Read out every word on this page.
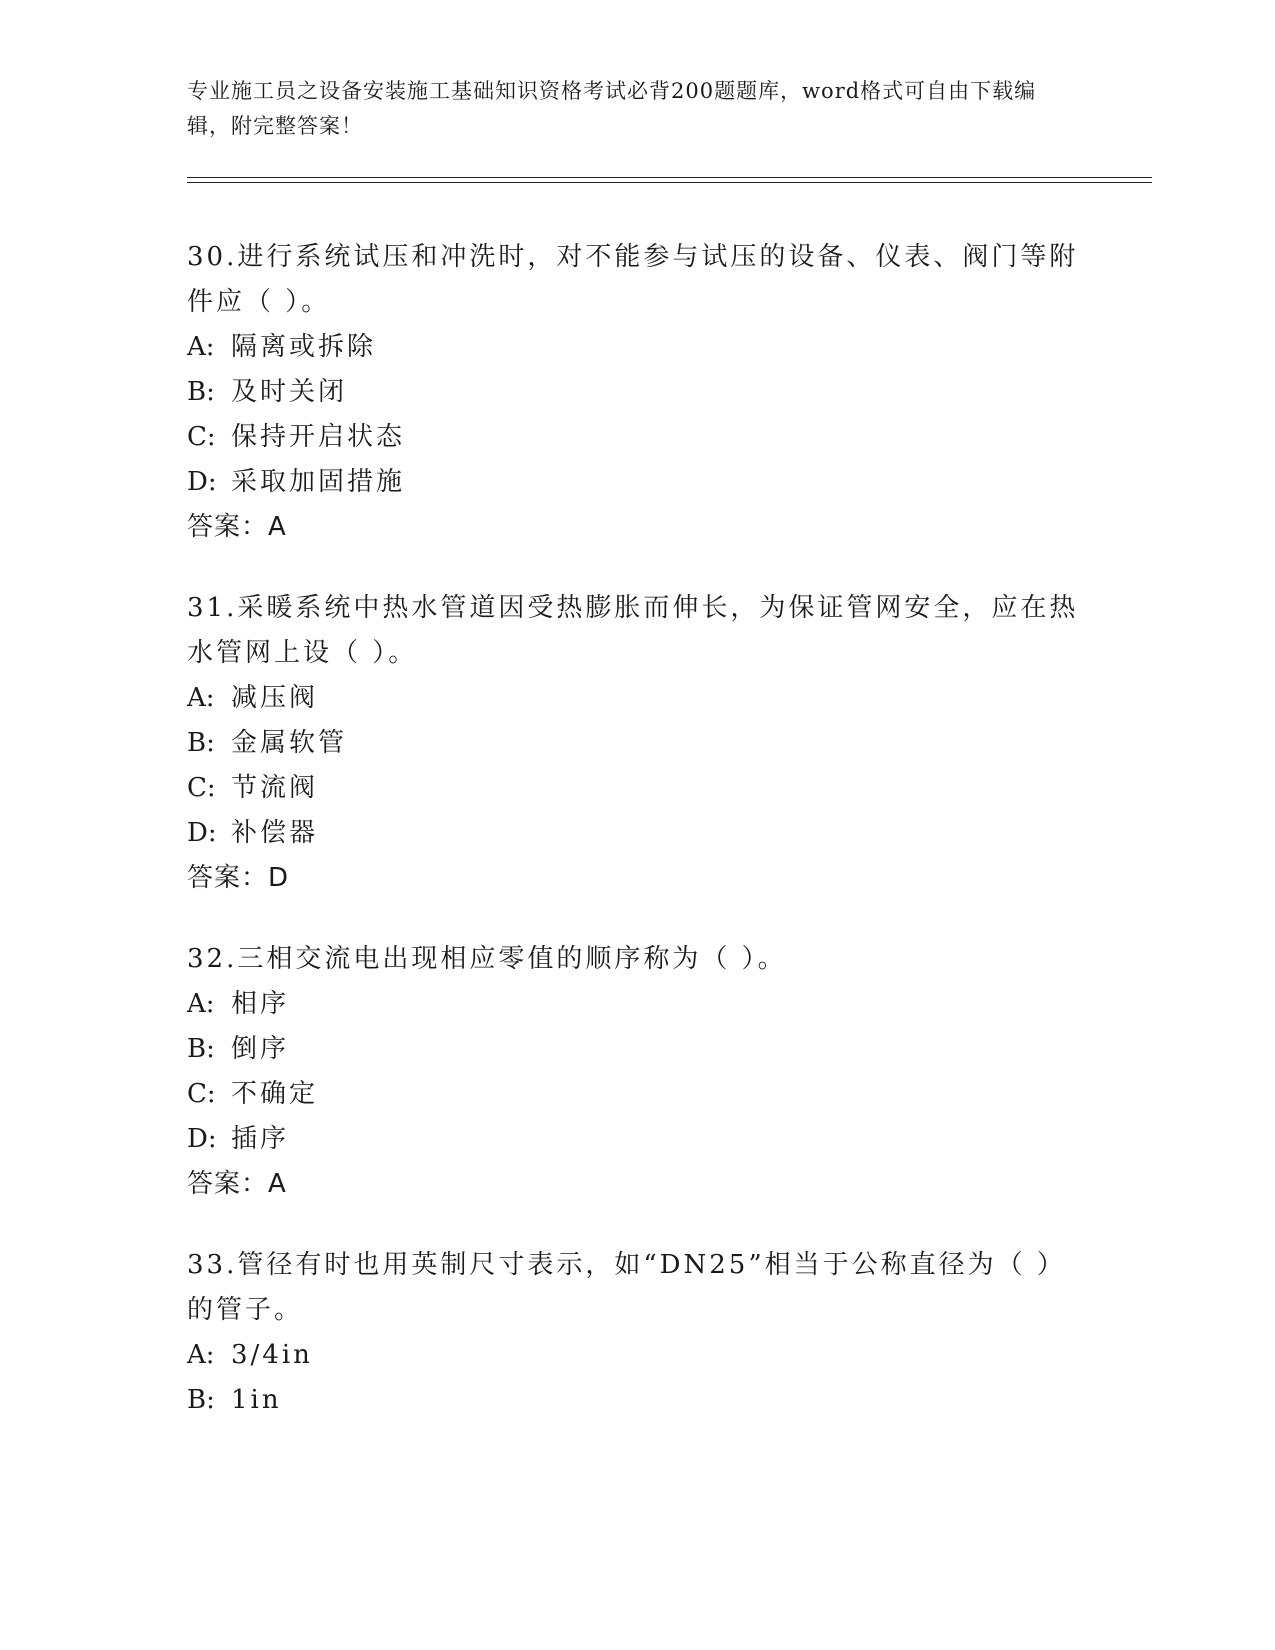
专业施工员之设备安装施工基础知识资格考试必背200题题库，word格式可自由下载编辑，附完整答案！
30.进行系统试压和冲洗时，对不能参与试压的设备、仪表、阀门等附件应（ ）。
A: 隔离或拆除
B: 及时关闭
C: 保持开启状态
D: 采取加固措施
答案：A
31.采暖系统中热水管道因受热膨胀而伸长，为保证管网安全，应在热水管网上设（ ）。
A: 减压阀
B: 金属软管
C: 节流阀
D: 补偿器
答案：D
32.三相交流电出现相应零值的顺序称为（ ）。
A: 相序
B: 倒序
C: 不确定
D: 插序
答案：A
33.管径有时也用英制尺寸表示，如“DN25”相当于公称直径为（ ）的管子。
A: 3/4in
B: 1in
